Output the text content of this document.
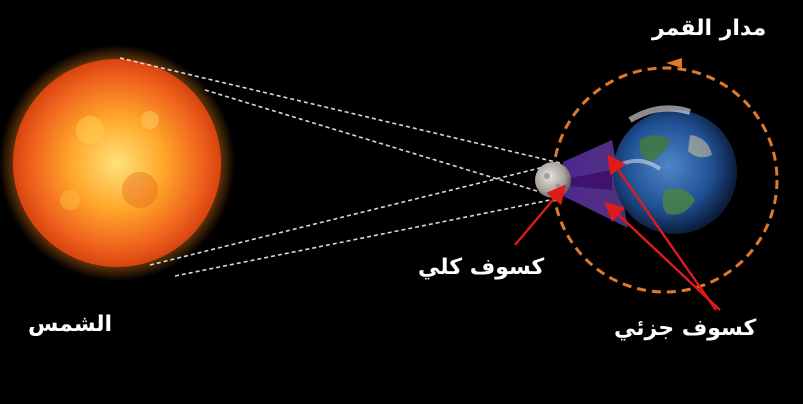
مدار القمر
الشمس
كسوف كلي
كسوف جزئي
